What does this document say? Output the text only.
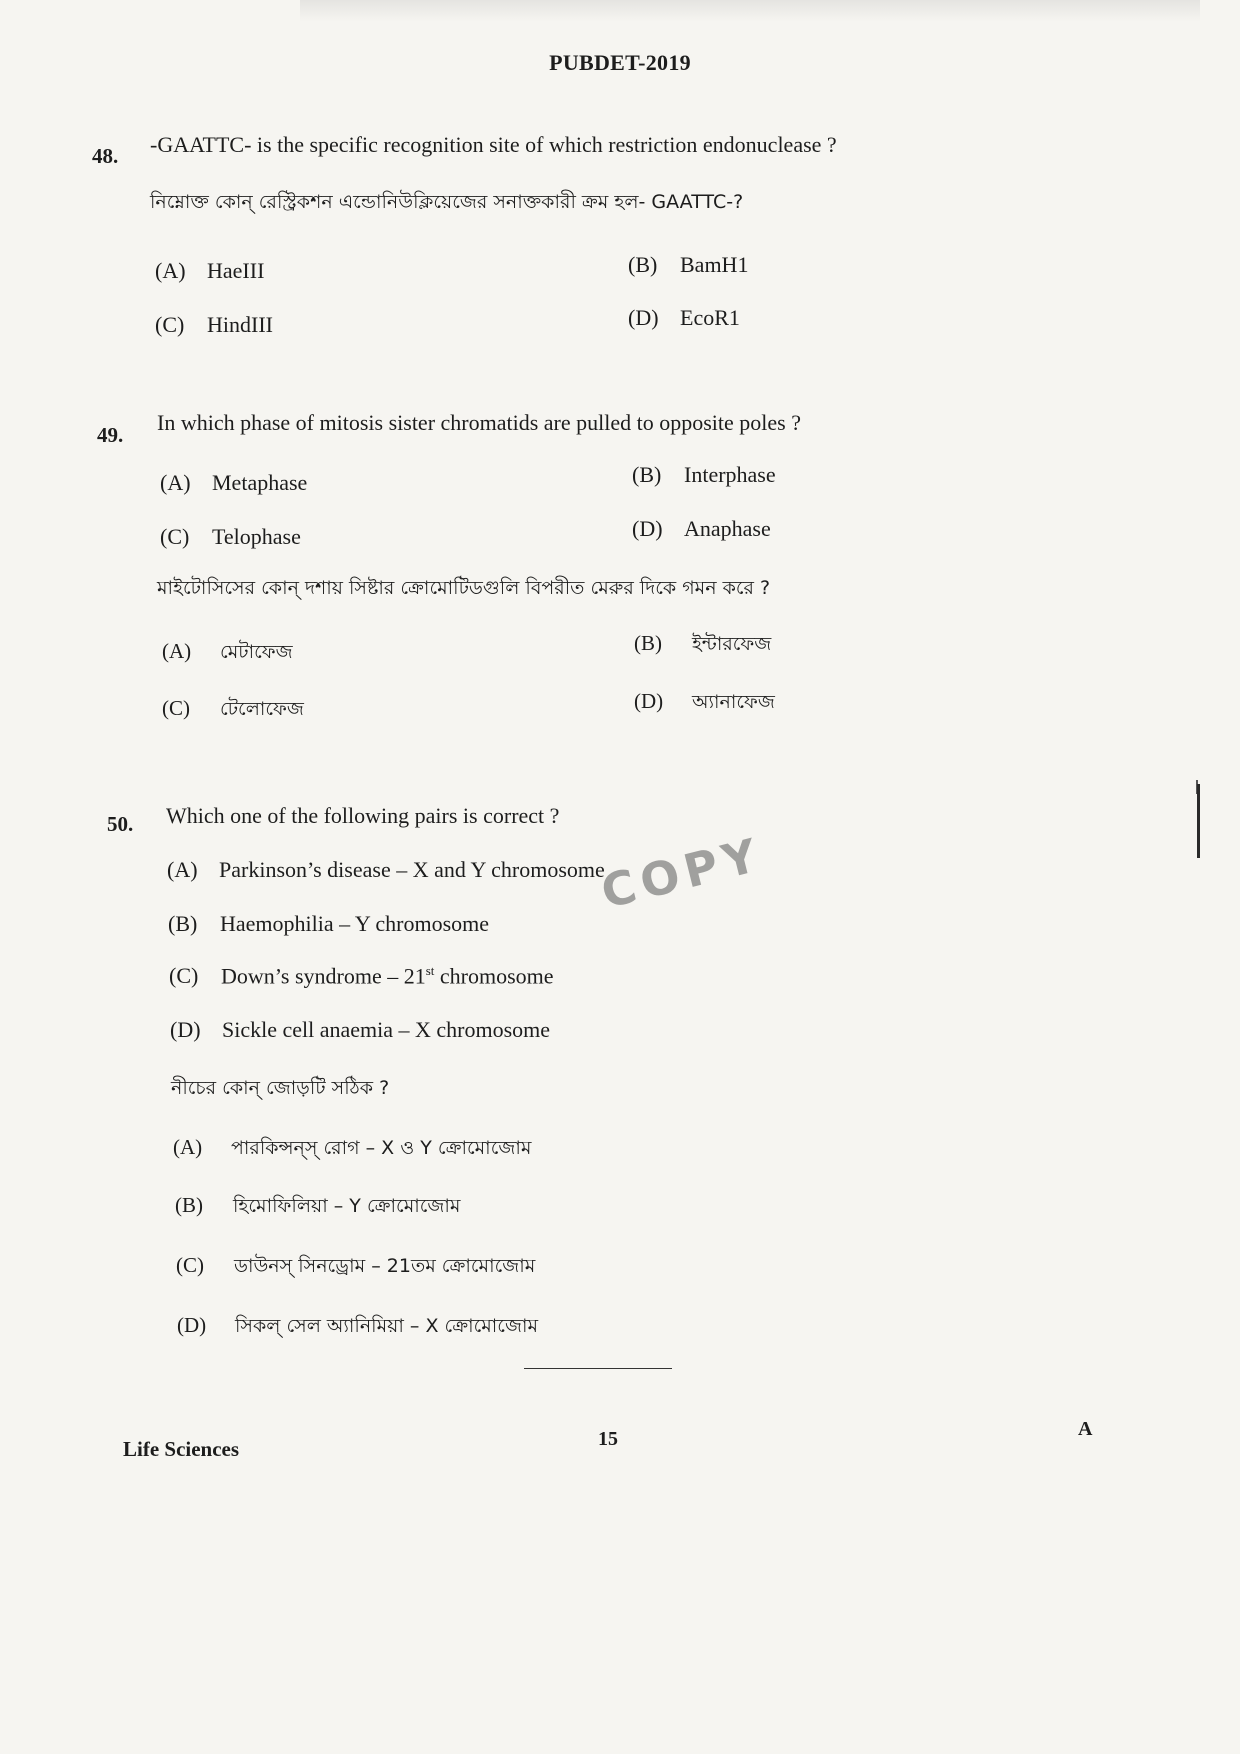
PUBDET-2019
48. -GAATTC- is the specific recognition site of which restriction endonuclease ?
নিম্নোক্ত কোন্ রেস্ট্রিকশন এন্ডোনিউক্লিয়েজের সনাক্তকারী ক্রম হল- GAATTC-?
(A) HaeIII	(B) BamH1
(C) HindIII	(D) EcoR1
49. In which phase of mitosis sister chromatids are pulled to opposite poles ?
(A) Metaphase	(B) Interphase
(C) Telophase	(D) Anaphase
মাইটোসিসের কোন্ দশায় সিষ্টার ক্রোমোটিডগুলি বিপরীত মেরুর দিকে গমন করে ?
(A) মেটাফেজ	(B) ইন্টারফেজ
(C) টেলোফেজ	(D) অ্যানাফেজ
50. Which one of the following pairs is correct ?
(A) Parkinson’s disease – X and Y chromosome
(B) Haemophilia – Y chromosome
(C) Down’s syndrome – 21st chromosome
(D) Sickle cell anaemia – X chromosome
নীচের কোন্ জোড়টি সঠিক ?
(A) পারকিন্সন্স্ রোগ – X ও Y ক্রোমোজোম
(B) হিমোফিলিয়া – Y ক্রোমোজোম
(C) ডাউনস্ সিনড্রোম – 21তম ক্রোমোজোম
(D) সিকল্ সেল অ্যানিমিয়া – X ক্রোমোজোম
COPY
Life Sciences	15	A
